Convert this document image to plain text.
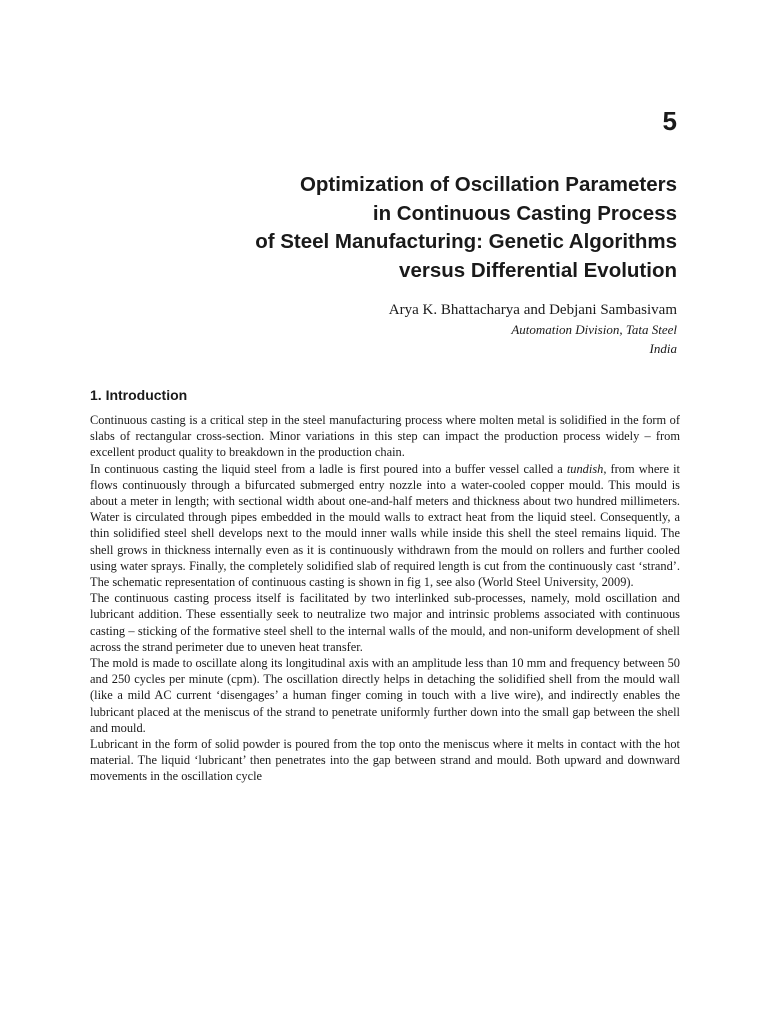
5
Optimization of Oscillation Parameters
in Continuous Casting Process
of Steel Manufacturing: Genetic Algorithms
versus Differential Evolution
Arya K. Bhattacharya and Debjani Sambasivam
Automation Division, Tata Steel
India
1. Introduction

Continuous casting is a critical step in the steel manufacturing process where molten metal is solidified in the form of slabs of rectangular cross-section. Minor variations in this step can impact the production process widely – from excellent product quality to breakdown in the production chain.

In continuous casting the liquid steel from a ladle is first poured into a buffer vessel called a tundish, from where it flows continuously through a bifurcated submerged entry nozzle into a water-cooled copper mould. This mould is about a meter in length; with sectional width about one-and-half meters and thickness about two hundred millimeters. Water is circulated through pipes embedded in the mould walls to extract heat from the liquid steel. Consequently, a thin solidified steel shell develops next to the mould inner walls while inside this shell the steel remains liquid. The shell grows in thickness internally even as it is continuously withdrawn from the mould on rollers and further cooled using water sprays. Finally, the completely solidified slab of required length is cut from the continuously cast ‘strand’. The schematic representation of continuous casting is shown in fig 1, see also (World Steel University, 2009).

The continuous casting process itself is facilitated by two interlinked sub-processes, namely, mold oscillation and lubricant addition. These essentially seek to neutralize two major and intrinsic problems associated with continuous casting – sticking of the formative steel shell to the internal walls of the mould, and non-uniform development of shell across the strand perimeter due to uneven heat transfer.

The mold is made to oscillate along its longitudinal axis with an amplitude less than 10 mm and frequency between 50 and 250 cycles per minute (cpm). The oscillation directly helps in detaching the solidified shell from the mould wall (like a mild AC current ‘disengages’ a human finger coming in touch with a live wire), and indirectly enables the lubricant placed at the meniscus of the strand to penetrate uniformly further down into the small gap between the shell and mould.

Lubricant in the form of solid powder is poured from the top onto the meniscus where it melts in contact with the hot material. The liquid ‘lubricant’ then penetrates into the gap between strand and mould. Both upward and downward movements in the oscillation cycle
